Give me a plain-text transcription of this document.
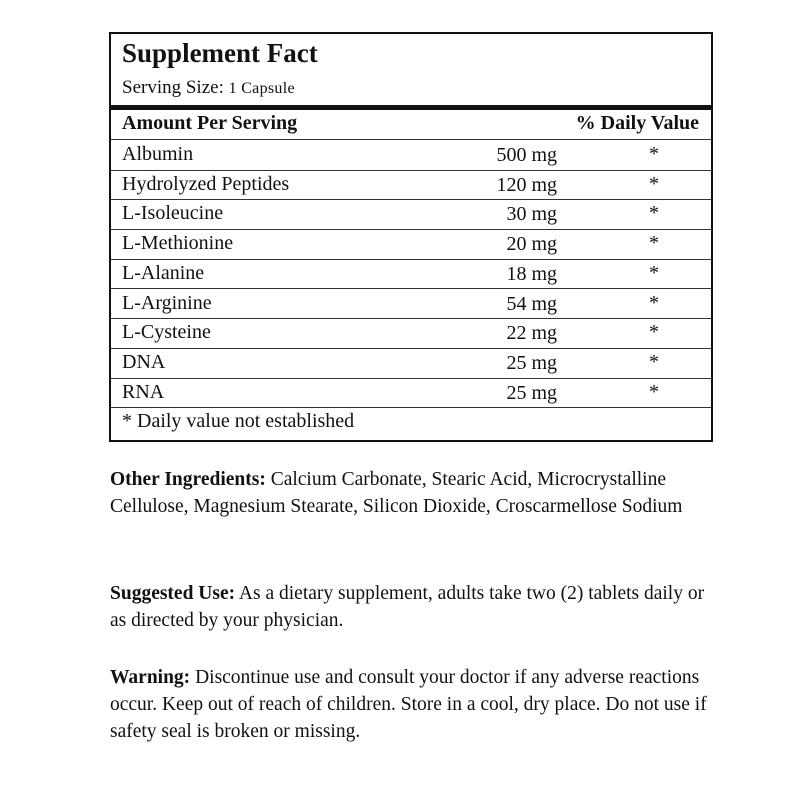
Supplement Fact
Serving Size: 1 Capsule
Amount Per Serving	% Daily Value
Albumin	500 mg	*
Hydrolyzed Peptides	120 mg	*
L-Isoleucine	30 mg	*
L-Methionine	20 mg	*
L-Alanine	18 mg	*
L-Arginine	54 mg	*
L-Cysteine	22 mg	*
DNA	25 mg	*
RNA	25 mg	*
* Daily value not established
Other Ingredients: Calcium Carbonate, Stearic Acid, Microcrystalline Cellulose, Magnesium Stearate, Silicon Dioxide, Croscarmellose Sodium
Suggested Use: As a dietary supplement, adults take two (2) tablets daily or as directed by your physician.
Warning: Discontinue use and consult your doctor if any adverse reactions occur. Keep out of reach of children. Store in a cool, dry place. Do not use if safety seal is broken or missing.
